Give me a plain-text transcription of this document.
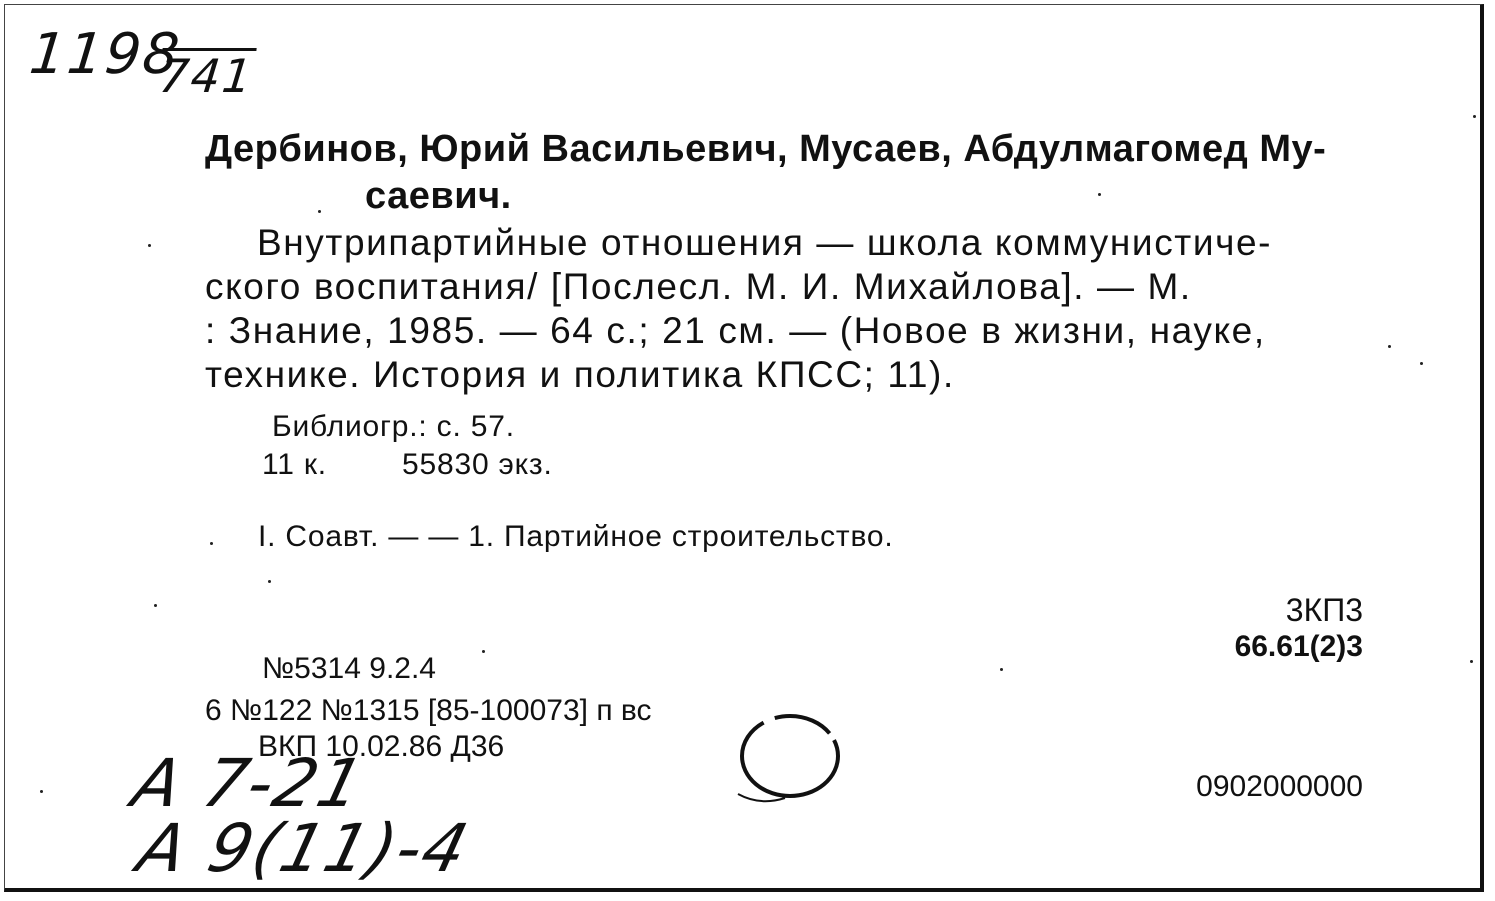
1198
741
Дербинов, Юрий Васильевич, Мусаев, Абдулмагомед Му-
саевич.
Внутрипартийные отношения — школа коммунистиче-
ского воспитания/ [Послесл. М. И. Михайлова]. — М.
: Знание, 1985. — 64 с.; 21 см. — (Новое в жизни, науке,
технике. История и политика КПСС; 11).
Библиогр.: с. 57.
11 к.	55830 экз.
I. Соавт. — — 1. Партийное строительство.
3КП3
66.61(2)3
№5314 9.2.4
6 №122 №1315 [85-100073] п вс
ВКП 10.02.86 Д36
0902000000
A 7-21
A 9(11)-4
